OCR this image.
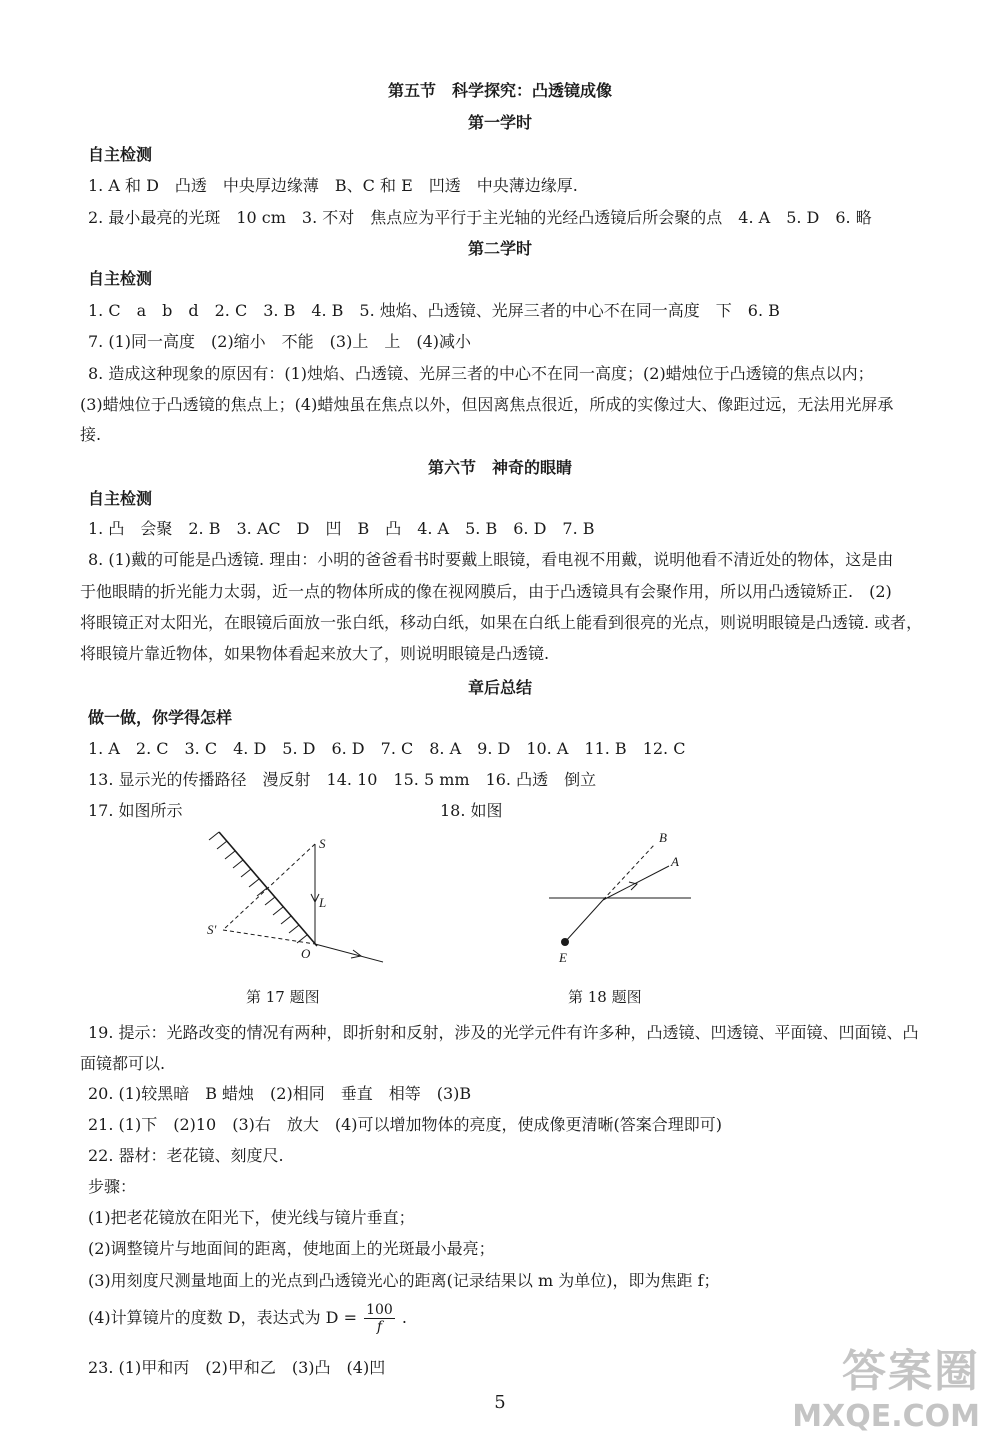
第五节　科学探究：凸透镜成像
第一学时
自主检测
1. A 和 D　凸透　中央厚边缘薄　B、C 和 E　凹透　中央薄边缘厚.
2. 最小最亮的光斑　10 cm　3. 不对　焦点应为平行于主光轴的光经凸透镜后所会聚的点　4. A　5. D　6. 略
第二学时
自主检测
1. C　a　b　d　2. C　3. B　4. B　5. 烛焰、凸透镜、光屏三者的中心不在同一高度　下　6. B
7. (1)同一高度　(2)缩小　不能　(3)上　上　(4)减小
8. 造成这种现象的原因有：(1)烛焰、凸透镜、光屏三者的中心不在同一高度；(2)蜡烛位于凸透镜的焦点以内；
(3)蜡烛位于凸透镜的焦点上；(4)蜡烛虽在焦点以外，但因离焦点很近，所成的实像过大、像距过远，无法用光屏承
接.
第六节　神奇的眼睛
自主检测
1. 凸　会聚　2. B　3. AC　D　凹　B　凸　4. A　5. B　6. D　7. B
8. (1)戴的可能是凸透镜. 理由：小明的爸爸看书时要戴上眼镜，看电视不用戴，说明他看不清近处的物体，这是由
于他眼睛的折光能力太弱，近一点的物体所成的像在视网膜后，由于凸透镜具有会聚作用，所以用凸透镜矫正.　(2)
将眼镜正对太阳光，在眼镜后面放一张白纸，移动白纸，如果在白纸上能看到很亮的光点，则说明眼镜是凸透镜. 或者，
将眼镜片靠近物体，如果物体看起来放大了，则说明眼镜是凸透镜.
章后总结
做一做，你学得怎样
1. A　2. C　3. C　4. D　5. D　6. D　7. C　8. A　9. D　10. A　11. B　12. C
13. 显示光的传播路径　漫反射　14. 10　15. 5 mm　16. 凸透　倒立
17. 如图所示	18. 如图
S
S'
L
O
B
A
E
第 17 题图	第 18 题图
19. 提示：光路改变的情况有两种，即折射和反射，涉及的光学元件有许多种，凸透镜、凹透镜、平面镜、凹面镜、凸
面镜都可以.
20. (1)较黑暗　B 蜡烛　(2)相同　垂直　相等　(3)B
21. (1)下　(2)10　(3)右　放大　(4)可以增加物体的亮度，使成像更清晰(答案合理即可)
22. 器材：老花镜、刻度尺.
步骤：
(1)把老花镜放在阳光下，使光线与镜片垂直；
(2)调整镜片与地面间的距离，使地面上的光斑最小最亮；
(3)用刻度尺测量地面上的光点到凸透镜光心的距离(记录结果以 m 为单位)，即为焦距 f；
(4)计算镜片的度数 D，表达式为 $D = \frac{100}{f}$ .
23. (1)甲和丙　(2)甲和乙　(3)凸　(4)凹
5
答案圈
MXQE.COM
